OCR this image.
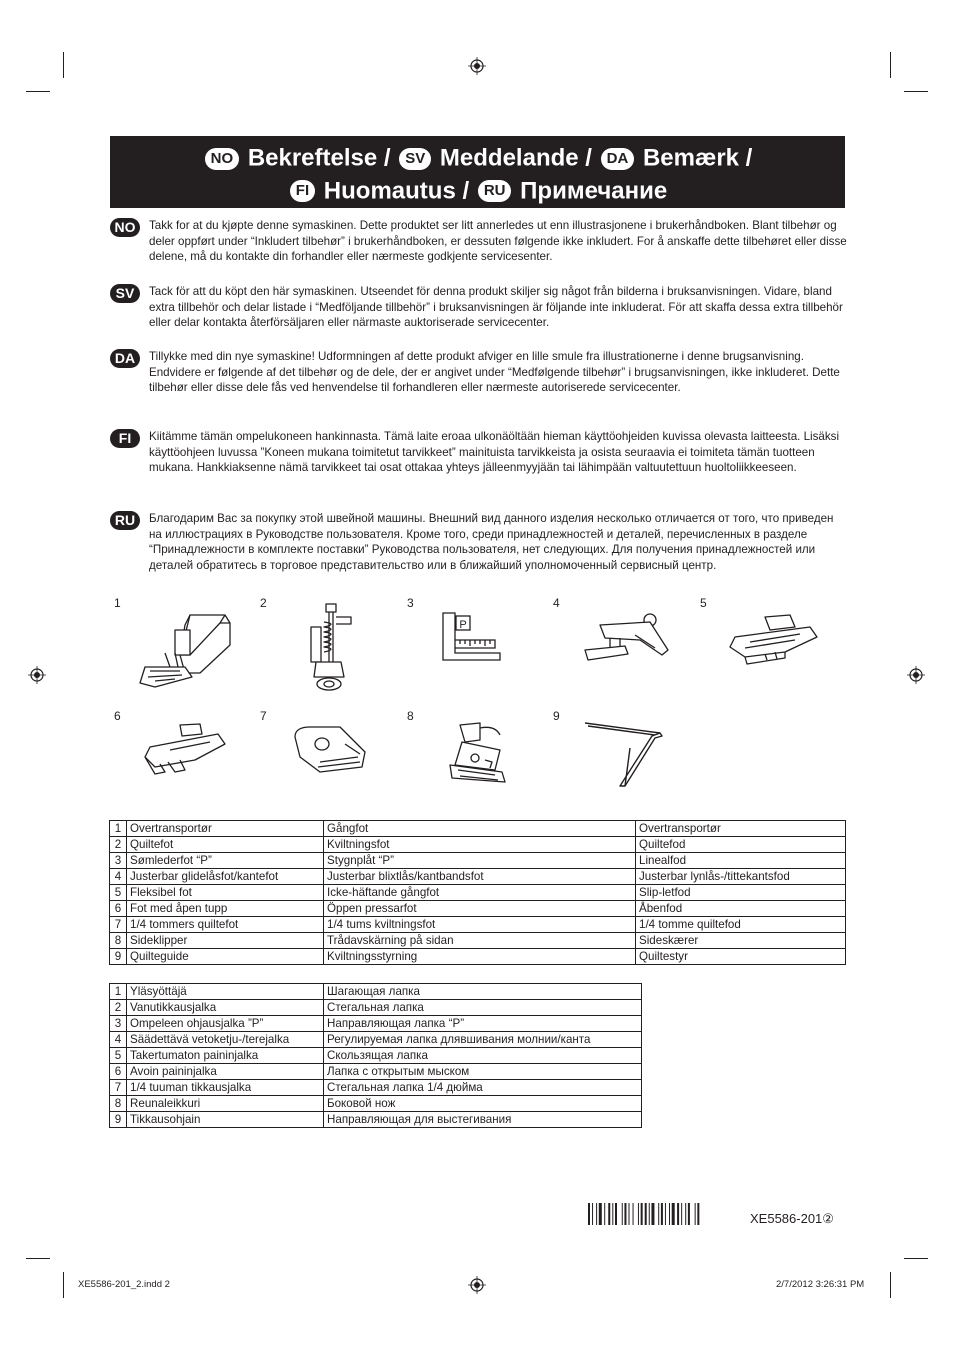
NO Bekreftelse / SV Meddelande / DA Bemærk /
FI Huomautus / RU Примечание
NO	Takk for at du kjøpte denne symaskinen. Dette produktet ser litt annerledes ut enn illustrasjonene i brukerhåndboken. Blant tilbehør og deler oppført under “Inkludert tilbehør” i brukerhåndboken, er dessuten følgende ikke inkludert. For å anskaffe dette tilbehøret eller disse delene, må du kontakte din forhandler eller nærmeste godkjente servicesenter.
SV	Tack för att du köpt den här symaskinen. Utseendet för denna produkt skiljer sig något från bilderna i bruksanvisningen. Vidare, bland extra tillbehör och delar listade i “Medföljande tillbehör” i bruksanvisningen är följande inte inkluderat. För att skaffa dessa extra tillbehör eller delar kontakta återförsäljaren eller närmaste auktoriserade servicecenter.
DA	Tillykke med din nye symaskine! Udformningen af dette produkt afviger en lille smule fra illustrationerne i denne brugsanvisning. Endvidere er følgende af det tilbehør og de dele, der er angivet under “Medfølgende tilbehør” i brugsanvisningen, ikke inkluderet. Dette tilbehør eller disse dele fås ved henvendelse til forhandleren eller nærmeste autoriserede servicecenter.
FI	Kiitämme tämän ompelukoneen hankinnasta. Tämä laite eroaa ulkonäöltään hieman käyttöohjeiden kuvissa olevasta laitteesta. Lisäksi käyttöohjeen luvussa ”Koneen mukana toimitetut tarvikkeet” mainituista tarvikkeista ja osista seuraavia ei toimiteta tämän tuotteen mukana. Hankkiaksenne nämä tarvikkeet tai osat ottakaa yhteys jälleenmyyjään tai lähimpään valtuutettuun huoltoliikkeeseen.
RU	Благодарим Вас за покупку этой швейной машины. Внешний вид данного изделия несколько отличается от того, что приведен на иллюстрациях в Руководстве пользователя. Кроме того, среди принадлежностей и деталей, перечисленных в разделе “Принадлежности в комплекте поставки” Руководства пользователя, нет следующих. Для получения принадлежностей или деталей обратитесь в торговое представительство или в ближайший уполномоченный сервисный центр.
1	2	3	4	5
6	7	8	9
P
1	Overtransportør	Gångfot	Overtransportør
2	Quiltefot	Kviltningsfot	Quiltefod
3	Sømlederfot “P”	Stygnplåt “P”	Linealfod
4	Justerbar glidelåsfot/kantefot	Justerbar blixtlås/kantbandsfot	Justerbar lynlås-/tittekantsfod
5	Fleksibel fot	Icke-häftande gångfot	Slip-letfod
6	Fot med åpen tupp	Öppen pressarfot	Åbenfod
7	1/4 tommers quiltefot	1/4 tums kviltningsfot	1/4 tomme quiltefod
8	Sideklipper	Trådavskärning på sidan	Sideskærer
9	Quilteguide	Kviltningsstyrning	Quiltestyr
1	Yläsyöttäjä	Шагающая лапка
2	Vanutikkausjalka	Стегальная лапка
3	Ompeleen ohjausjalka ”P”	Направляющая лапка “P”
4	Säädettävä vetoketju-/terejalka	Регулируемая лапка длявшивания молнии/канта
5	Takertumaton paininjalka	Скользящая лапка
6	Avoin paininjalka	Лапка с открытым мыском
7	1/4 tuuman tikkausjalka	Стегальная лапка 1/4 дюйма
8	Reunaleikkuri	Боковой нож
9	Tikkausohjain	Направляющая для выстегивания
XE5586-201②
XE5586-201_2.indd 2	2/7/2012 3:26:31 PM
